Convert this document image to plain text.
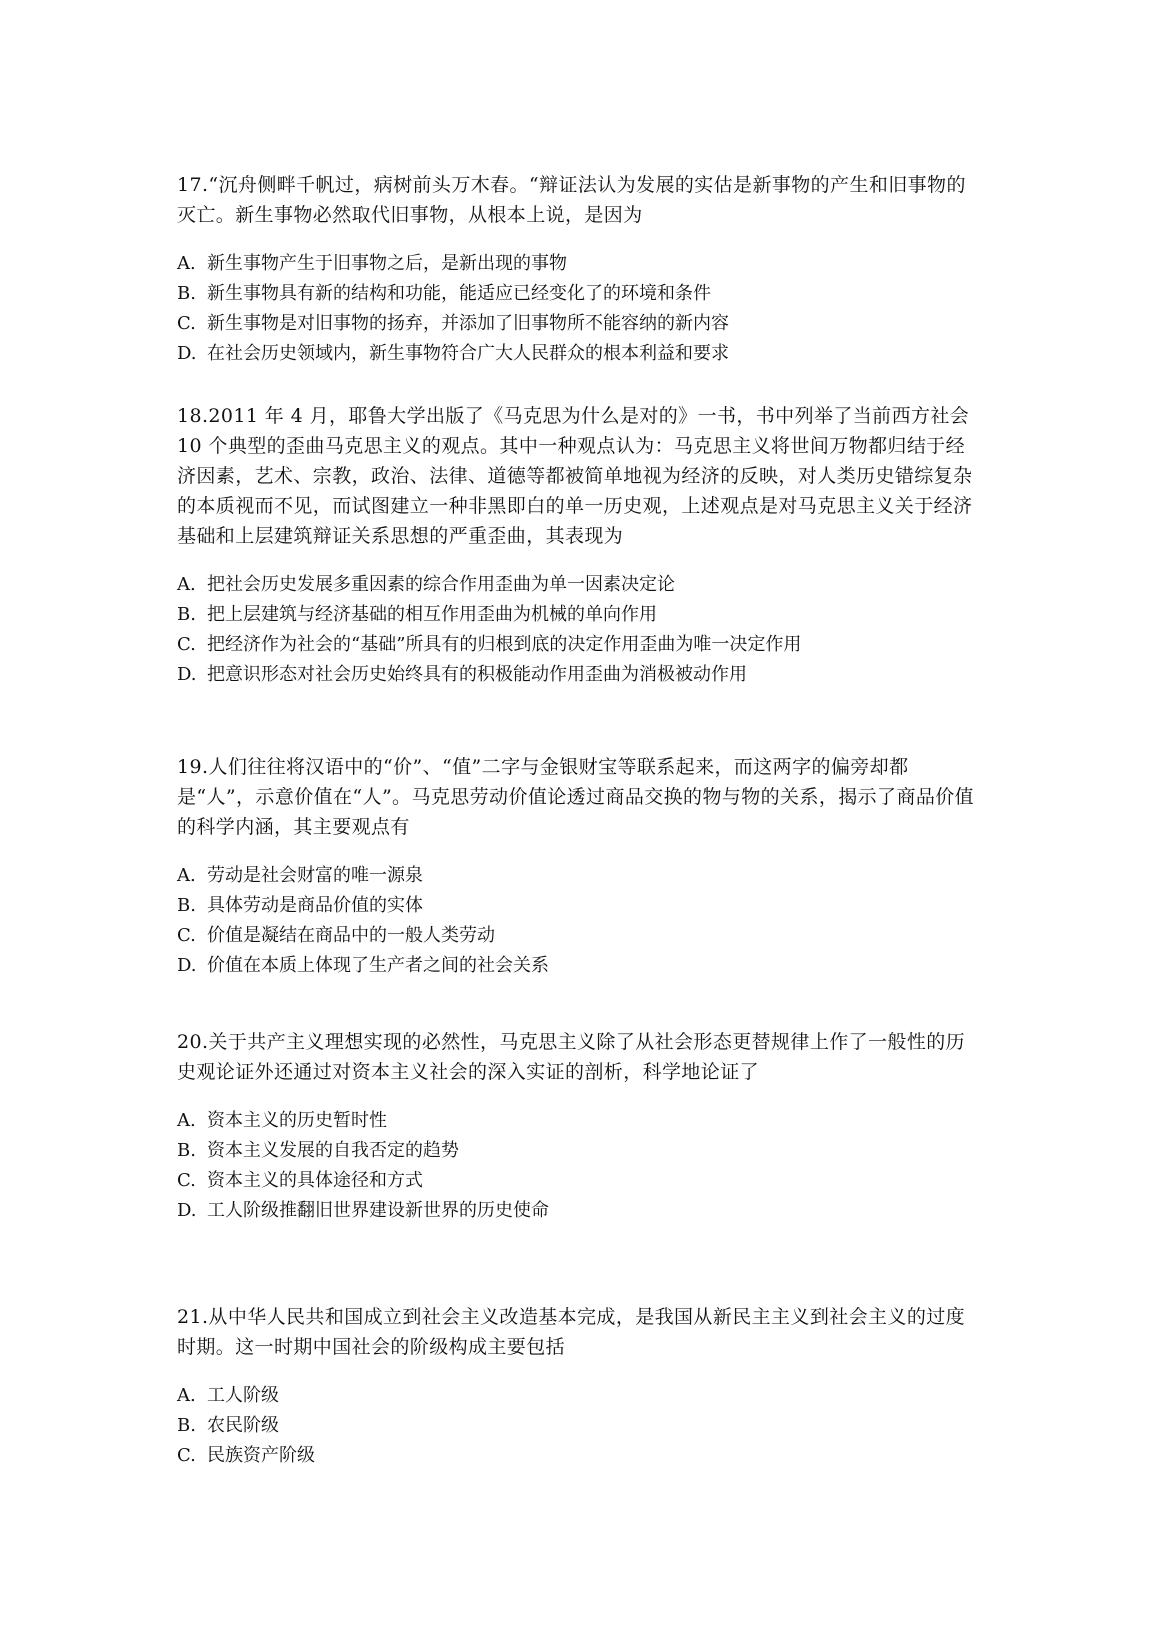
17.“沉舟侧畔千帆过，病树前头万木春。“辩证法认为发展的实估是新事物的产生和旧事物的灭亡。新生事物必然取代旧事物，从根本上说，是因为

A. 新生事物产生于旧事物之后，是新出现的事物
B. 新生事物具有新的结构和功能，能适应已经变化了的环境和条件
C. 新生事物是对旧事物的扬弃，并添加了旧事物所不能容纳的新内容
D. 在社会历史领域内，新生事物符合广大人民群众的根本利益和要求

18.2011 年 4 月，耶鲁大学出版了《马克思为什么是对的》一书，书中列举了当前西方社会 10 个典型的歪曲马克思主义的观点。其中一种观点认为：马克思主义将世间万物都归结于经济因素，艺术、宗教，政治、法律、道德等都被简单地视为经济的反映，对人类历史错综复杂的本质视而不见，而试图建立一种非黑即白的单一历史观，上述观点是对马克思主义关于经济基础和上层建筑辩证关系思想的严重歪曲，其表现为

A. 把社会历史发展多重因素的综合作用歪曲为单一因素决定论
B. 把上层建筑与经济基础的相互作用歪曲为机械的单向作用
C. 把经济作为社会的“基础”所具有的归根到底的决定作用歪曲为唯一决定作用
D. 把意识形态对社会历史始终具有的积极能动作用歪曲为消极被动作用

19.人们往往将汉语中的“价”、“值”二字与金银财宝等联系起来，而这两字的偏旁却都是“人”，示意价值在“人”。马克思劳动价值论透过商品交换的物与物的关系，揭示了商品价值的科学内涵，其主要观点有

A. 劳动是社会财富的唯一源泉
B. 具体劳动是商品价值的实体
C. 价值是凝结在商品中的一般人类劳动
D. 价值在本质上体现了生产者之间的社会关系

20.关于共产主义理想实现的必然性，马克思主义除了从社会形态更替规律上作了一般性的历史观论证外还通过对资本主义社会的深入实证的剖析，科学地论证了

A. 资本主义的历史暂时性
B. 资本主义发展的自我否定的趋势
C. 资本主义的具体途径和方式
D. 工人阶级推翻旧世界建设新世界的历史使命

21.从中华人民共和国成立到社会主义改造基本完成，是我国从新民主主义到社会主义的过度时期。这一时期中国社会的阶级构成主要包括

A. 工人阶级
B. 农民阶级
C. 民族资产阶级
